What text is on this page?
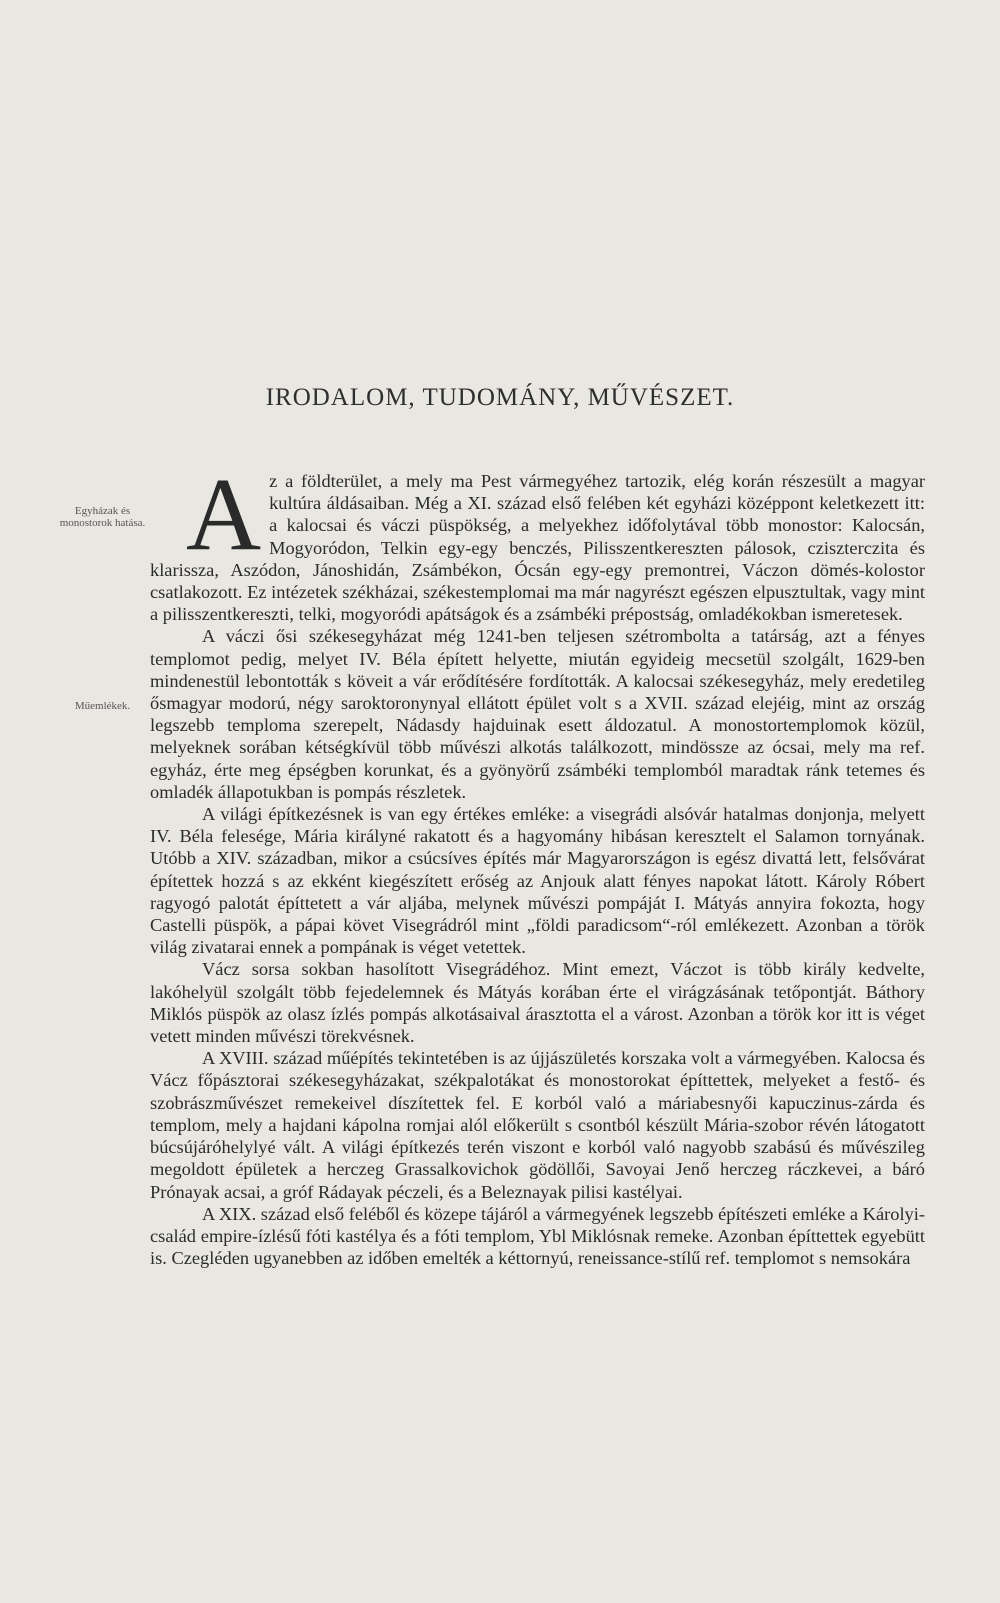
IRODALOM, TUDOMÁNY, MŰVÉSZET.
Egyházak és monostorok hatása.
Műemlékek.

Az a földterület, a mely ma Pest vármegyéhez tartozik, elég korán részesült a magyar kultúra áldásaiban. Még a XI. század első felében két egyházi középpont keletkezett itt: a kalocsai és váczi püspökség, a melyekhez időfolytával több monostor: Kalocsán, Mogyoródon, Telkin egy-egy benczés, Pilisszentkereszten pálosok, cziszterczita és klarissza, Aszódon, Jánoshidán, Zsámbékon, Ócsán egy-egy premontrei, Váczon dömés-kolostor csatlakozott. Ez intézetek székházai, székestemplomai ma már nagyrészt egészen elpusztultak, vagy mint a pilisszentkereszti, telki, mogyoródi apátságok és a zsámbéki prépostság, omladékokban ismeretesek.

A váczi ősi székesegyházat még 1241-ben teljesen szétrombolta a tatárság, azt a fényes templomot pedig, melyet IV. Béla épített helyette, miután egyideig mecsetül szolgált, 1629-ben mindenestül lebontották s köveit a vár erődítésére fordították. A kalocsai székesegyház, mely eredetileg ősmagyar modorú, négy saroktoronynyal ellátott épület volt s a XVII. század elejéig, mint az ország legszebb temploma szerepelt, Nádasdy hajduinak esett áldozatul. A monostortemplomok közül, melyeknek sorában kétségkívül több művészi alkotás találkozott, mindössze az ócsai, mely ma ref. egyház, érte meg épségben korunkat, és a gyönyörű zsámbéki templomból maradtak ránk tetemes és omladék állapotukban is pompás részletek.

A világi építkezésnek is van egy értékes emléke: a visegrádi alsóvár hatalmas donjonja, melyett IV. Béla felesége, Mária királyné rakatott és a hagyomány hibásan keresztelt el Salamon tornyának. Utóbb a XIV. században, mikor a csúcsíves építés már Magyarországon is egész divattá lett, felsővárat építettek hozzá s az ekként kiegészített erőség az Anjouk alatt fényes napokat látott. Károly Róbert ragyogó palotát építtetett a vár aljába, melynek művészi pompáját I. Mátyás annyira fokozta, hogy Castelli püspök, a pápai követ Visegrádról mint „földi paradicsom“-ról emlékezett. Azonban a török világ zivatarai ennek a pompának is véget vetettek.

Vácz sorsa sokban hasolított Visegrádéhoz. Mint emezt, Váczot is több király kedvelte, lakóhelyül szolgált több fejedelemnek és Mátyás korában érte el virágzásának tetőpontját. Báthory Miklós püspök az olasz ízlés pompás alkotásaival árasztotta el a várost. Azonban a török kor itt is véget vetett minden művészi törekvésnek.

A XVIII. század műépítés tekintetében is az újjászületés korszaka volt a vármegyében. Kalocsa és Vácz főpásztorai székesegyházakat, székpalotákat és monostorokat építtettek, melyeket a festő- és szobrászművészet remekeivel díszítettek fel. E korból való a máriabesnyői kapuczinus-zárda és templom, mely a hajdani kápolna romjai alól előkerült s csontból készült Mária-szobor révén látogatott búcsújáróhelylyé vált. A világi építkezés terén viszont e korból való nagyobb szabású és művészileg megoldott épületek a herczeg Grassalkovichok gödöllői, Savoyai Jenő herczeg ráczkevei, a báró Prónayak acsai, a gróf Rádayak péczeli, és a Beleznayak pilisi kastélyai.

A XIX. század első feléből és közepe tájáról a vármegyének legszebb építészeti emléke a Károlyi-család empire-ízlésű fóti kastélya és a fóti templom, Ybl Miklósnak remeke. Azonban építtettek egyebütt is. Czegléden ugyanebben az időben emelték a kéttornyú, reneissance-stílű ref. templomot s nemsokára
